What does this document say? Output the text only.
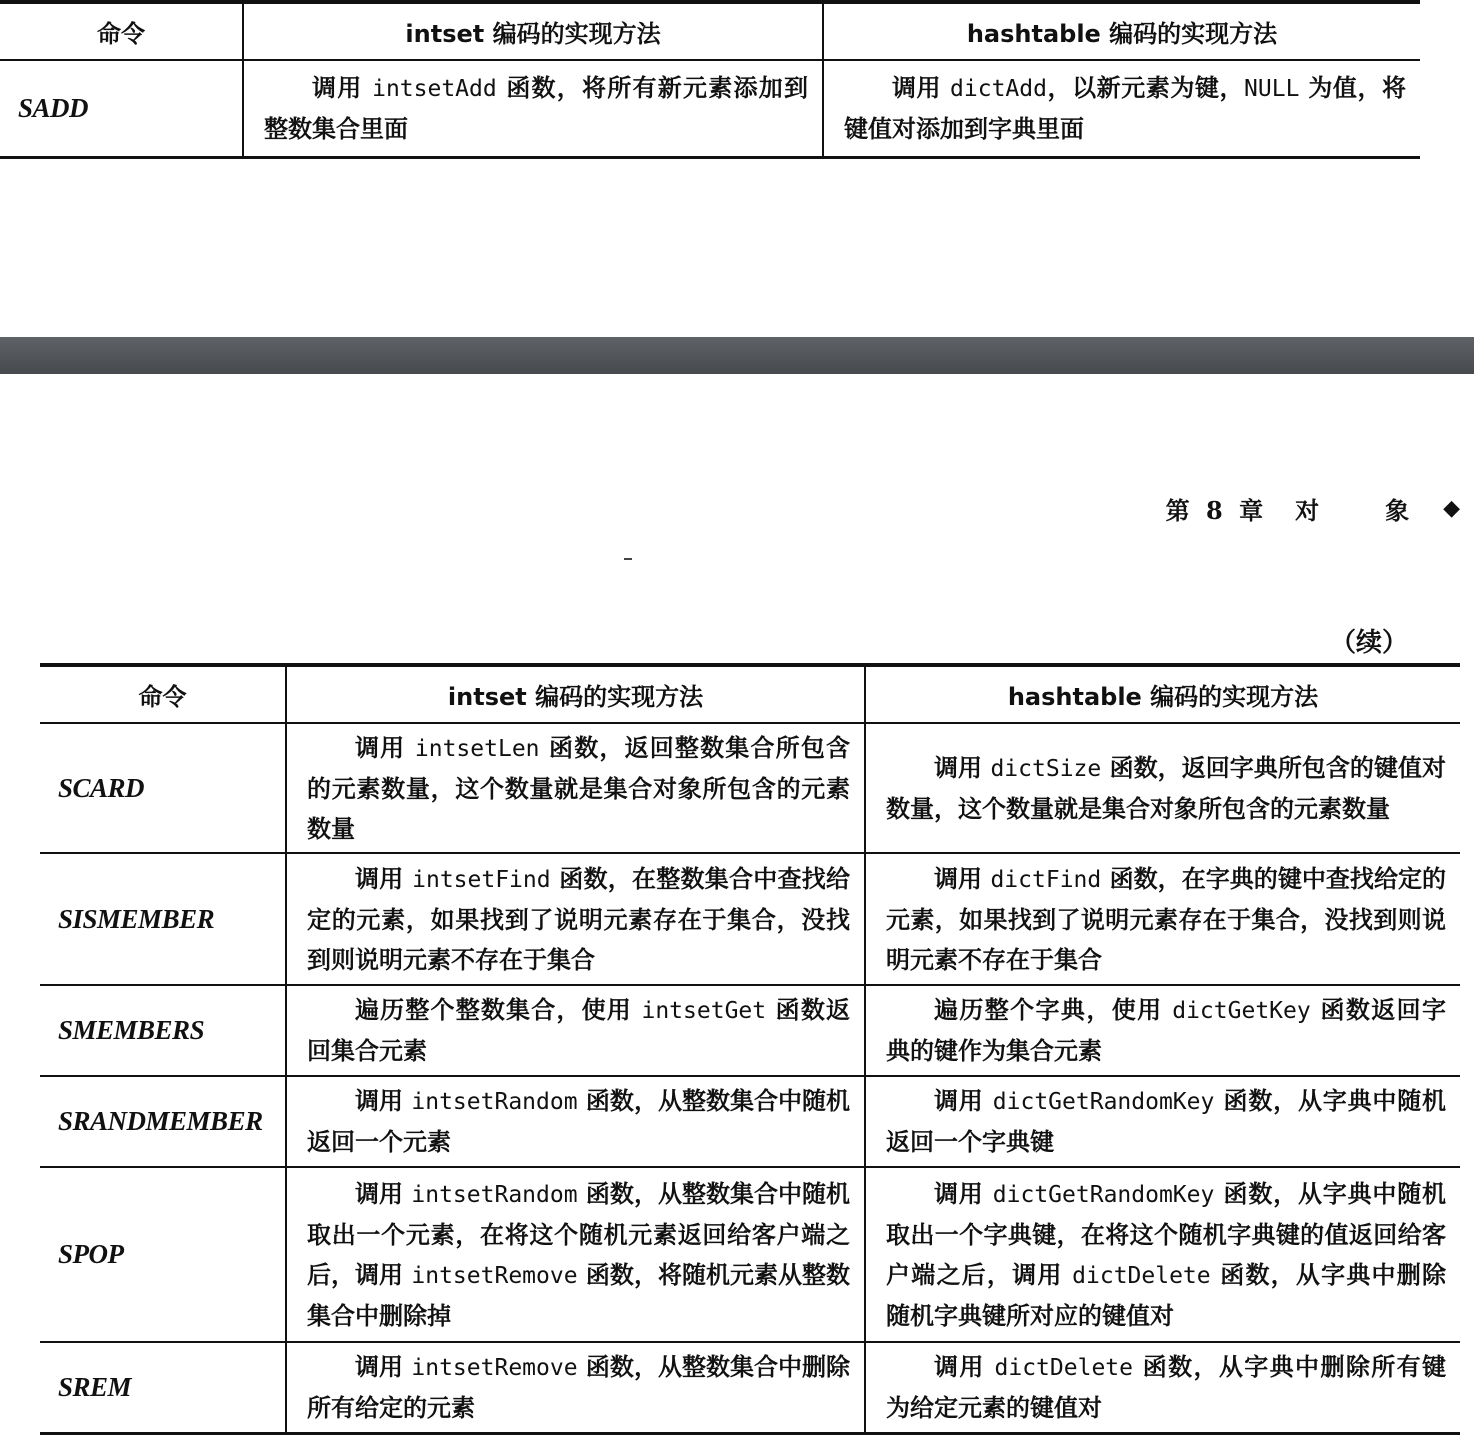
命令	intset 编码的实现方法	hashtable 编码的实现方法
SADD	调用 intsetAdd 函数，将所有新元素添加到整数集合里面	调用 dictAdd，以新元素为键，NULL 为值，将键值对添加到字典里面
第 8 章 对	象 ◆
（续）
命令	intset 编码的实现方法	hashtable 编码的实现方法
SCARD	调用 intsetLen 函数，返回整数集合所包含的元素数量，这个数量就是集合对象所包含的元素数量	调用 dictSize 函数，返回字典所包含的键值对数量，这个数量就是集合对象所包含的元素数量
SISMEMBER	调用 intsetFind 函数，在整数集合中查找给定的元素，如果找到了说明元素存在于集合，没找到则说明元素不存在于集合	调用 dictFind 函数，在字典的键中查找给定的元素，如果找到了说明元素存在于集合，没找到则说明元素不存在于集合
SMEMBERS	遍历整个整数集合，使用 intsetGet 函数返回集合元素	遍历整个字典，使用 dictGetKey 函数返回字典的键作为集合元素
SRANDMEMBER	调用 intsetRandom 函数，从整数集合中随机返回一个元素	调用 dictGetRandomKey 函数，从字典中随机返回一个字典键
SPOP	调用 intsetRandom 函数，从整数集合中随机取出一个元素，在将这个随机元素返回给客户端之后，调用 intsetRemove 函数，将随机元素从整数集合中删除掉	调用 dictGetRandomKey 函数，从字典中随机取出一个字典键，在将这个随机字典键的值返回给客户端之后，调用 dictDelete 函数，从字典中删除随机字典键所对应的键值对
SREM	调用 intsetRemove 函数，从整数集合中删除所有给定的元素	调用 dictDelete 函数，从字典中删除所有键为给定元素的键值对
